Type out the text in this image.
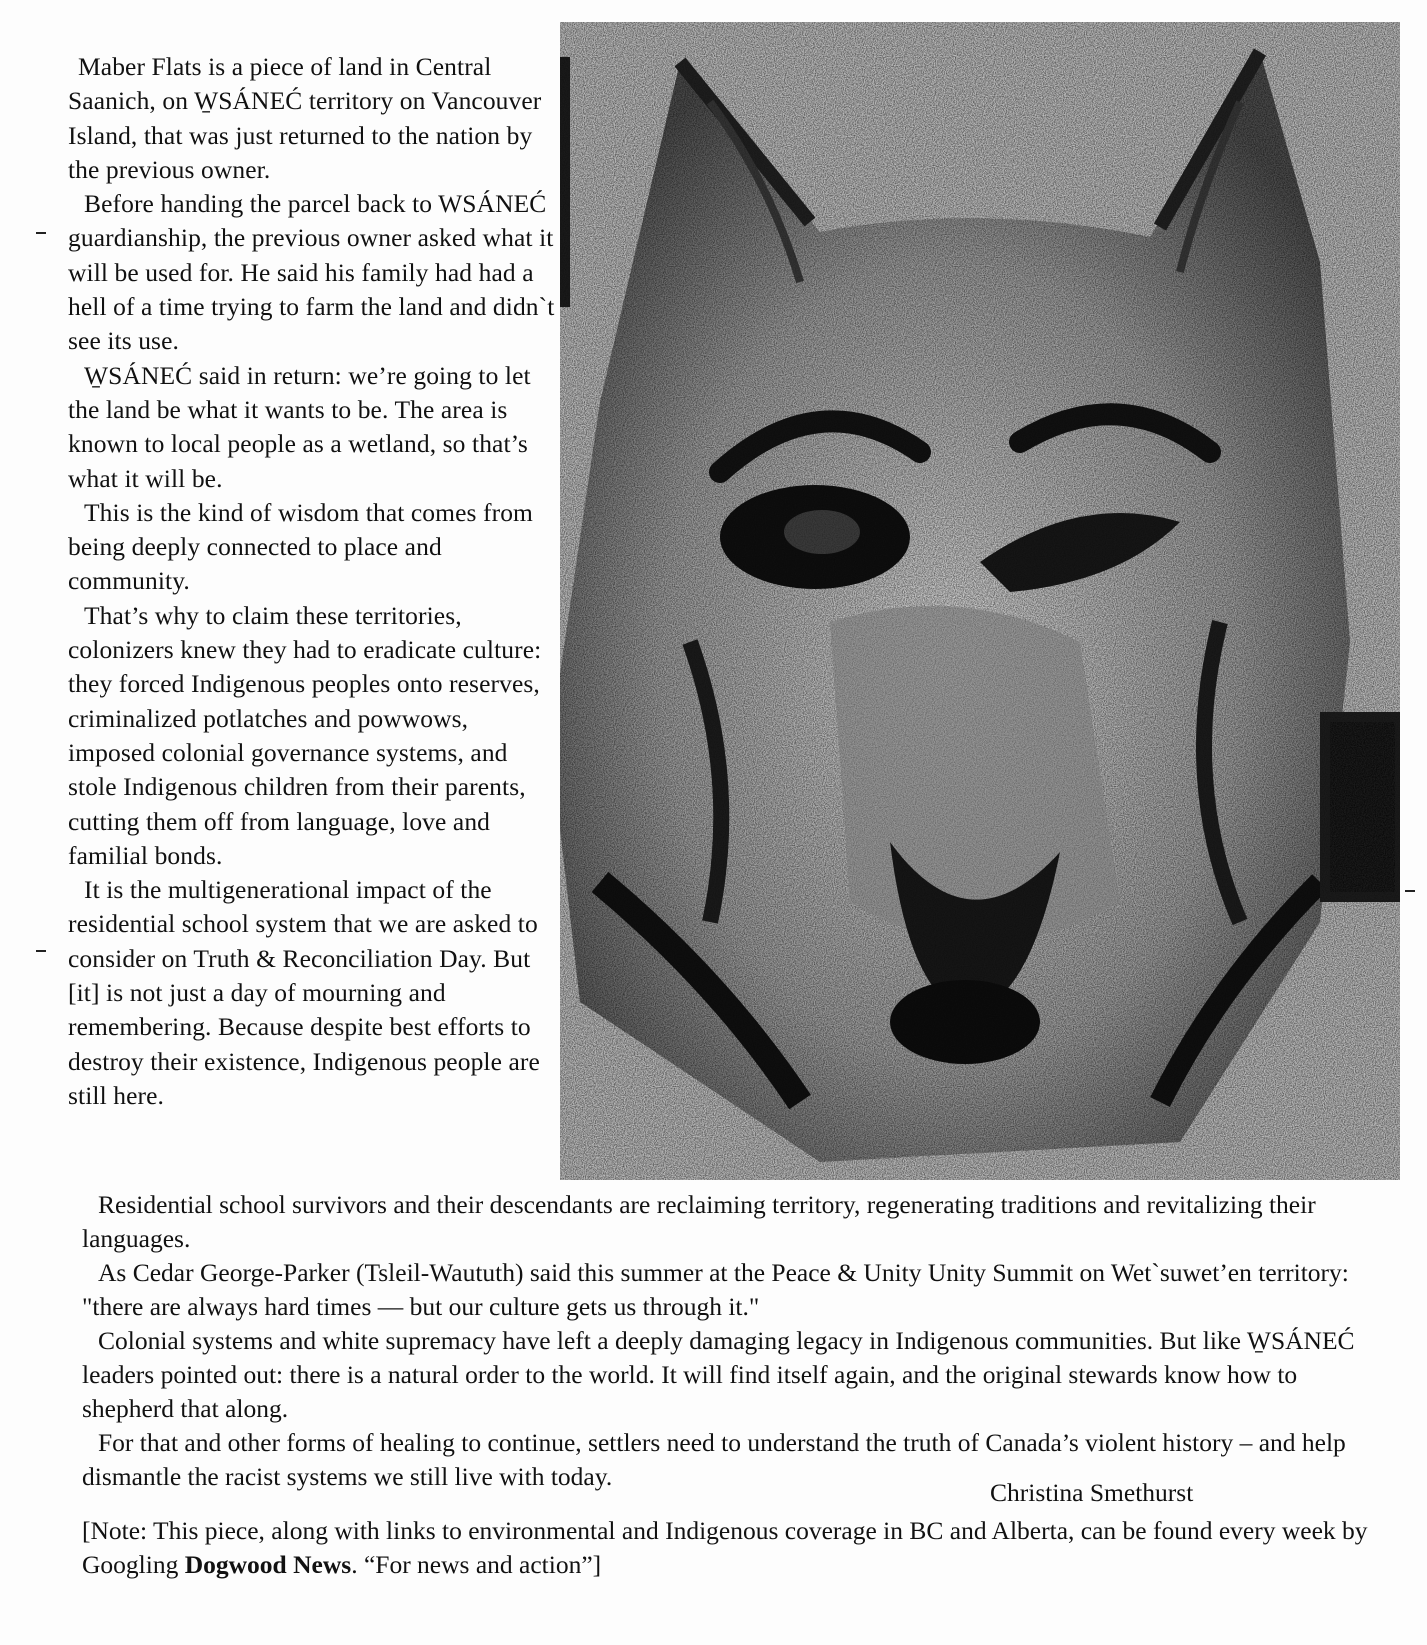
Maber Flats is a piece of land in Central Saanich, on W̱SÁNEĆ territory on Vancouver Island, that was just returned to the nation by the previous owner.

Before handing the parcel back to WSÁNEĆ guardianship, the previous owner asked what it will be used for. He said his family had had a hell of a time trying to farm the land and didn`t see its use.

W̱SÁNEĆ said in return: we’re going to let the land be what it wants to be. The area is known to local people as a wetland, so that’s what it will be.

This is the kind of wisdom that comes from being deeply connected to place and community.

That’s why to claim these territories, colonizers knew they had to eradicate culture: they forced Indigenous peoples onto reserves, criminalized potlatches and powwows, imposed colonial governance systems, and stole Indigenous children from their parents, cutting them off from language, love and familial bonds.

It is the multigenerational impact of the residential school system that we are asked to consider on Truth & Reconciliation Day. But [it] is not just a day of mourning and remembering. Because despite best efforts to destroy their existence, Indigenous people are still here.

Residential school survivors and their descendants are reclaiming territory, regenerating traditions and revitalizing their languages.

As Cedar George-Parker (Tsleil-Waututh) said this summer at the Peace & Unity Unity Summit on Wet`suwet’en territory: "there are always hard times — but our culture gets us through it."

Colonial systems and white supremacy have left a deeply damaging legacy in Indigenous communities. But like W̱SÁNEĆ leaders pointed out: there is a natural order to the world. It will find itself again, and the original stewards know how to shepherd that along.

For that and other forms of healing to continue, settlers need to understand the truth of Canada’s violent history – and help dismantle the racist systems we still live with today.

Christina Smethurst
[Note: This piece, along with links to environmental and Indigenous coverage in BC and Alberta, can be found every week by Googling Dogwood News. “For news and action”]
